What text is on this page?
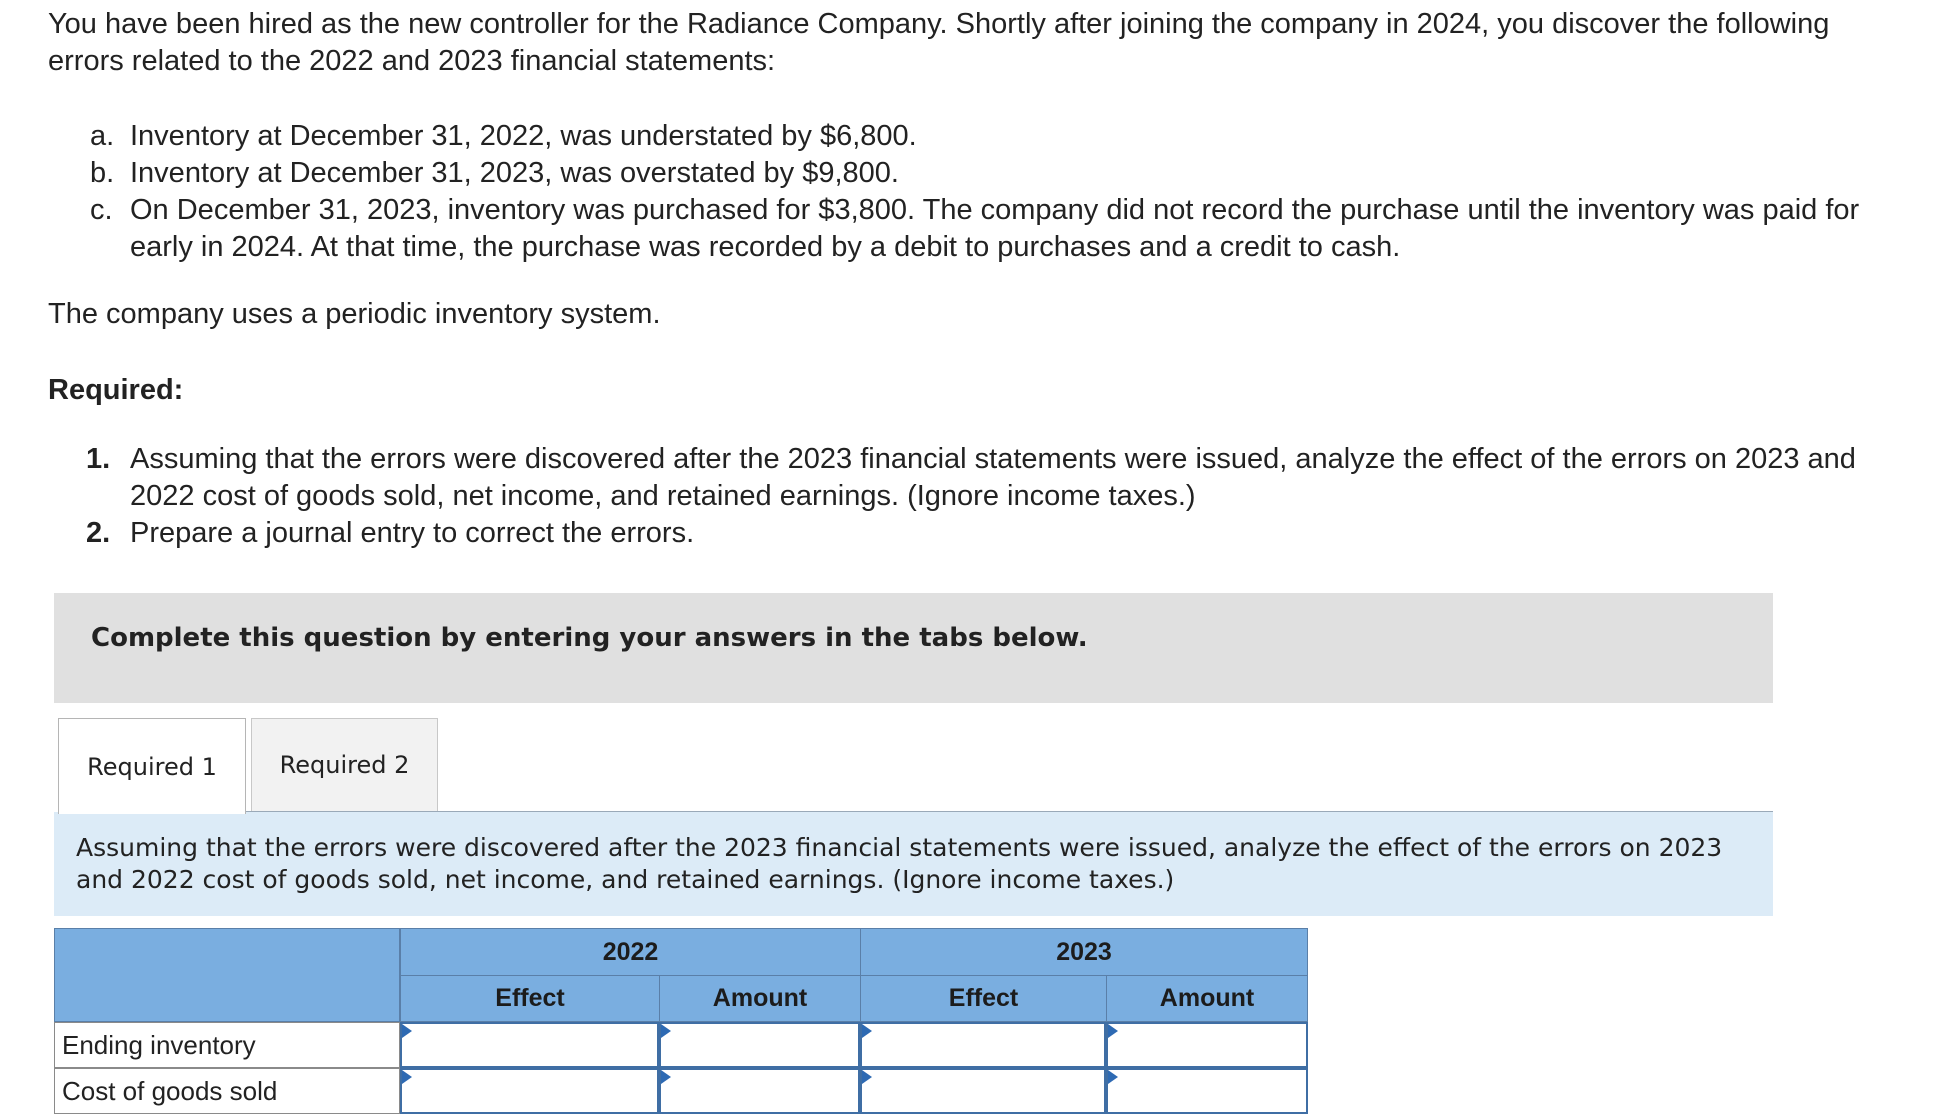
You have been hired as the new controller for the Radiance Company. Shortly after joining the company in 2024, you discover the following errors related to the 2022 and 2023 financial statements:

a. Inventory at December 31, 2022, was understated by $6,800.
b. Inventory at December 31, 2023, was overstated by $9,800.
c. On December 31, 2023, inventory was purchased for $3,800. The company did not record the purchase until the inventory was paid for early in 2024. At that time, the purchase was recorded by a debit to purchases and a credit to cash.

The company uses a periodic inventory system.

Required:

1. Assuming that the errors were discovered after the 2023 financial statements were issued, analyze the effect of the errors on 2023 and 2022 cost of goods sold, net income, and retained earnings. (Ignore income taxes.)
2. Prepare a journal entry to correct the errors.
Complete this question by entering your answers in the tabs below.
Required 1	Required 2

Assuming that the errors were discovered after the 2023 financial statements were issued, analyze the effect of the errors on 2023 and 2022 cost of goods sold, net income, and retained earnings. (Ignore income taxes.)

2022	2023
Effect	Amount	Effect	Amount
Ending inventory
Cost of goods sold
